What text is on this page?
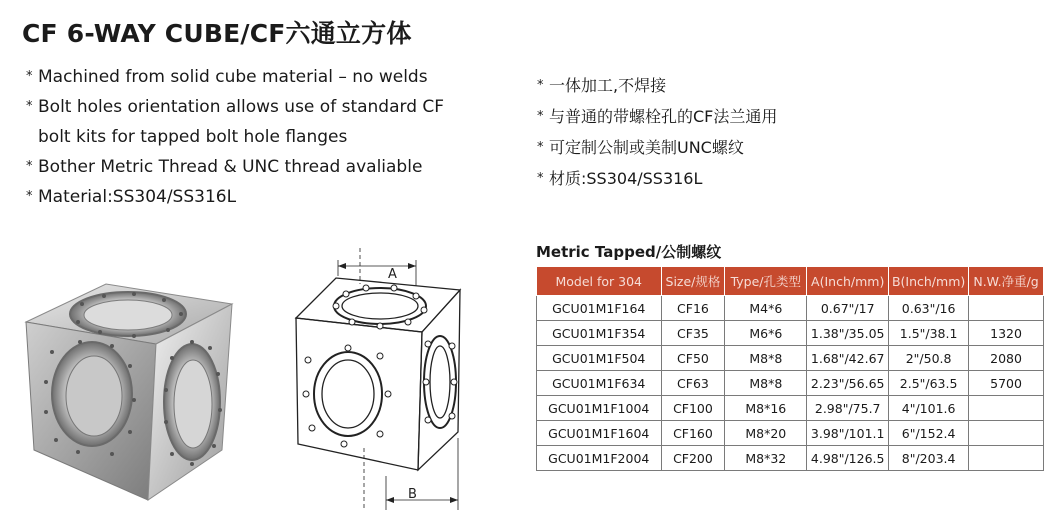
CF 6-WAY CUBE/CF六通立方体
* Machined from solid cube material – no welds
* Bolt holes orientation allows use of standard CF
bolt kits for tapped bolt hole flanges
* Bother Metric Thread & UNC thread avaliable
* Material:SS304/SS316L
* 一体加工,不焊接
* 与普通的带螺栓孔的CF法兰通用
* 可定制公制或美制UNC螺纹
* 材质:SS304/SS316L
A
B
Metric Tapped/公制螺纹
Model for 304	Size/规格	Type/孔类型	A(Inch/mm)	B(Inch/mm)	N.W.净重/g
GCU01M1F164	CF16	M4*6	0.67"/17	0.63"/16	
GCU01M1F354	CF35	M6*6	1.38"/35.05	1.5"/38.1	1320
GCU01M1F504	CF50	M8*8	1.68"/42.67	2"/50.8	2080
GCU01M1F634	CF63	M8*8	2.23"/56.65	2.5"/63.5	5700
GCU01M1F1004	CF100	M8*16	2.98"/75.7	4"/101.6	
GCU01M1F1604	CF160	M8*20	3.98"/101.1	6"/152.4	
GCU01M1F2004	CF200	M8*32	4.98"/126.5	8"/203.4	
